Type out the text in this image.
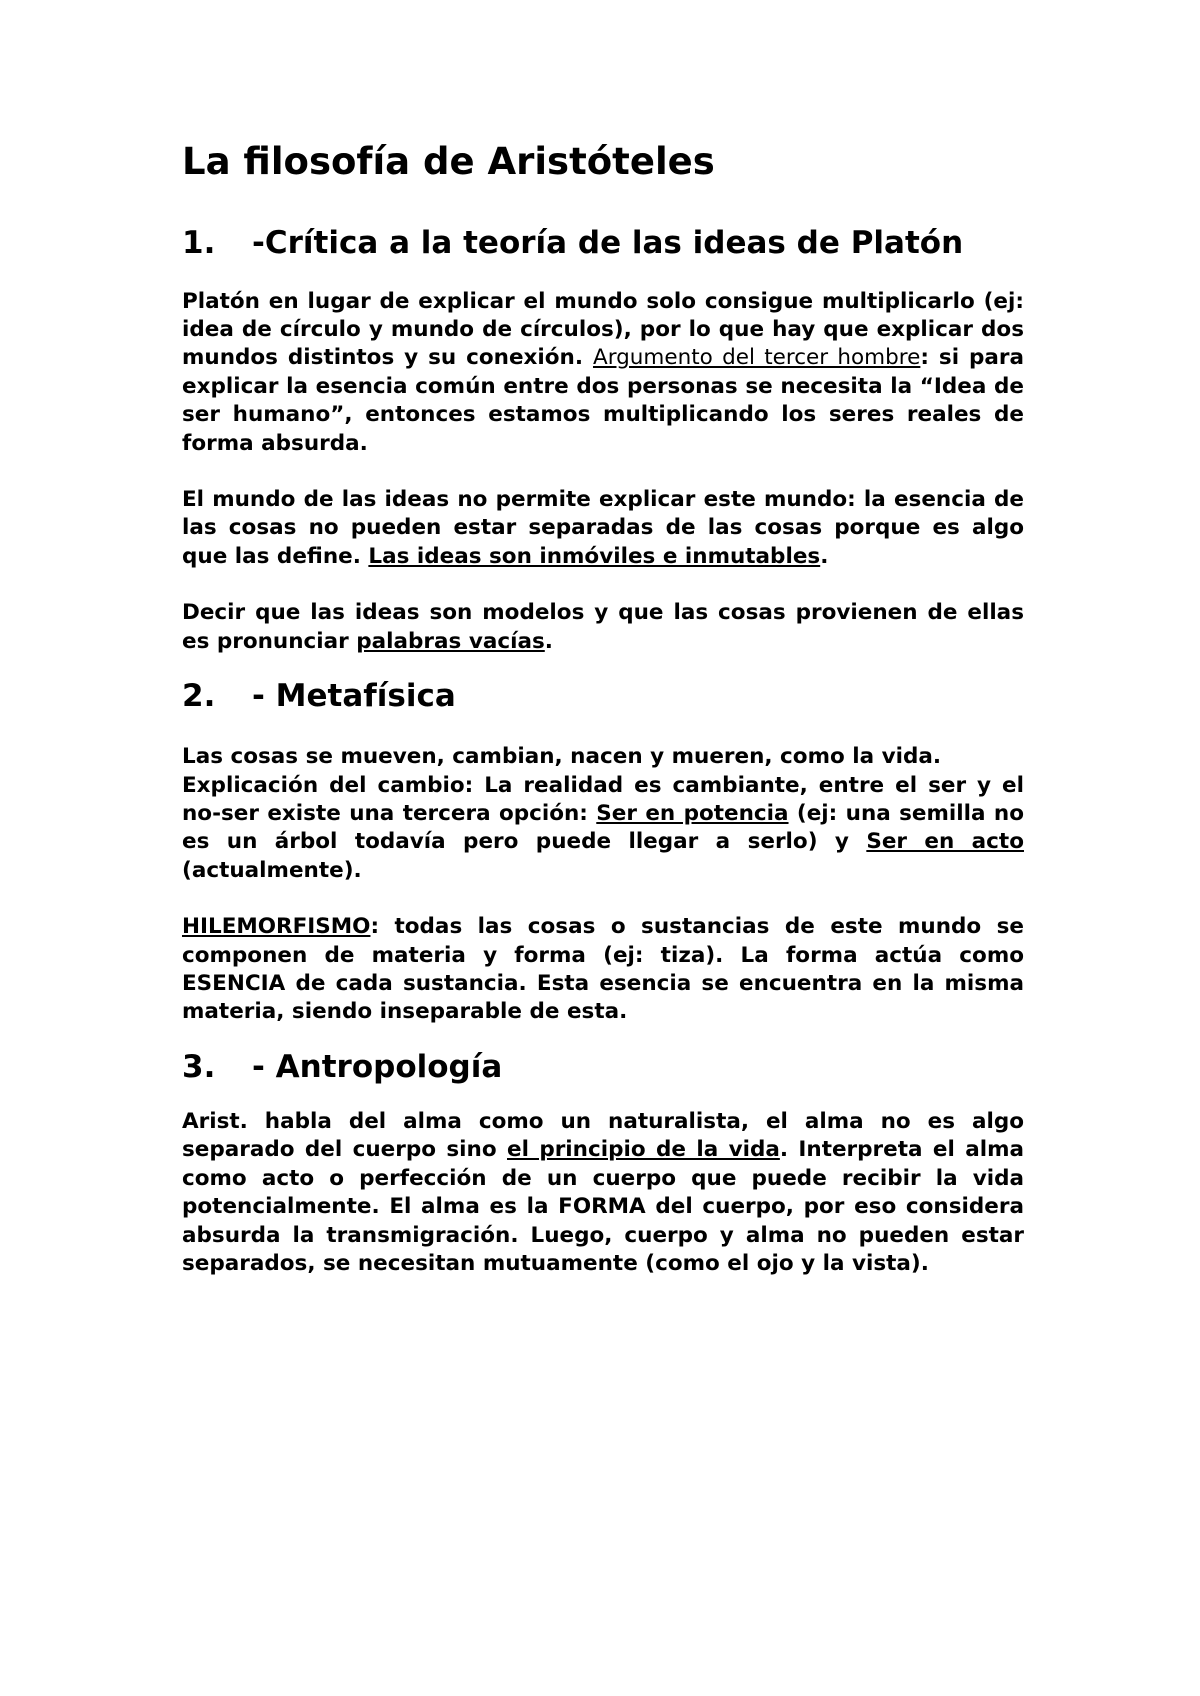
La filosofía de Aristóteles
1. -Crítica a la teoría de las ideas de Platón

Platón en lugar de explicar el mundo solo consigue multiplicarlo (ej: idea de círculo y mundo de círculos), por lo que hay que explicar dos mundos distintos y su conexión. Argumento del tercer hombre: si para explicar la esencia común entre dos personas se necesita la “Idea de ser humano”, entonces estamos multiplicando los seres reales de forma absurda.

El mundo de las ideas no permite explicar este mundo: la esencia de las cosas no pueden estar separadas de las cosas porque es algo que las define. Las ideas son inmóviles e inmutables.

Decir que las ideas son modelos y que las cosas provienen de ellas es pronunciar palabras vacías.

2. - Metafísica

Las cosas se mueven, cambian, nacen y mueren, como la vida.
Explicación del cambio: La realidad es cambiante, entre el ser y el no-ser existe una tercera opción: Ser en potencia (ej: una semilla no es un árbol todavía pero puede llegar a serlo) y Ser en acto (actualmente).

HILEMORFISMO: todas las cosas o sustancias de este mundo se componen de materia y forma (ej: tiza). La forma actúa como ESENCIA de cada sustancia. Esta esencia se encuentra en la misma materia, siendo inseparable de esta.

3. - Antropología

Arist. habla del alma como un naturalista, el alma no es algo separado del cuerpo sino el principio de la vida. Interpreta el alma como acto o perfección de un cuerpo que puede recibir la vida potencialmente. El alma es la FORMA del cuerpo, por eso considera absurda la transmigración. Luego, cuerpo y alma no pueden estar separados, se necesitan mutuamente (como el ojo y la vista).
